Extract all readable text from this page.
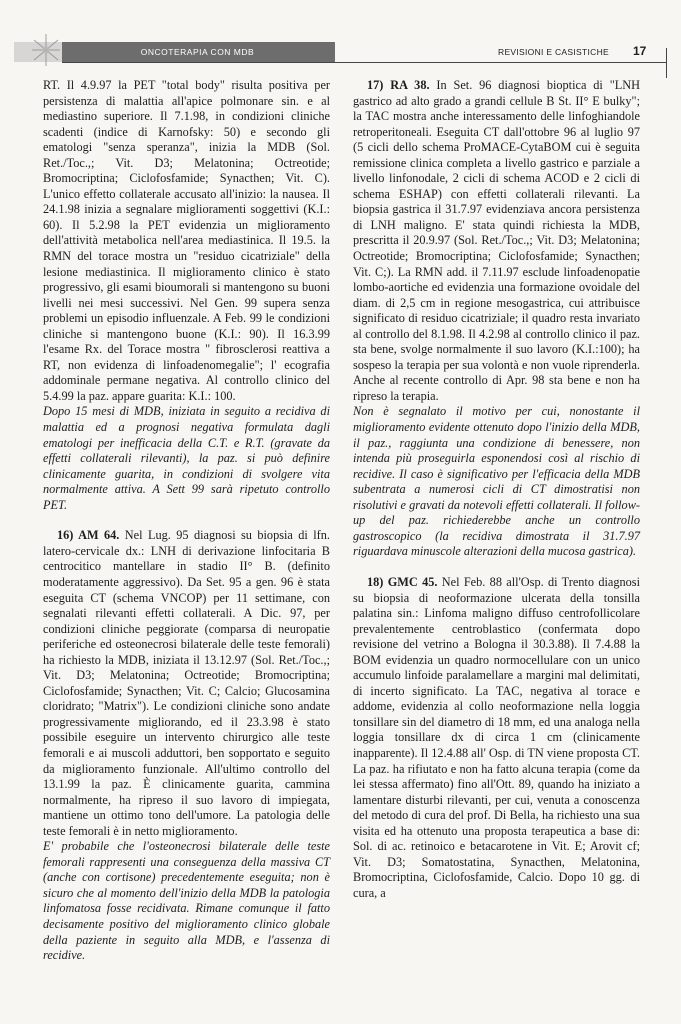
ONCOTERAPIA CON MDB	REVISIONI E CASISTICHE	17

RT. Il 4.9.97 la PET "total body" risulta positiva per persistenza di malattia all'apice polmonare sin. e al mediastino superiore. Il 7.1.98, in condizioni cliniche scadenti (indice di Karnofsky: 50) e secondo gli ematologi "senza speranza", inizia la MDB (Sol. Ret./Toc.,; Vit. D3; Melatonina; Octreotide; Bromocriptina; Ciclofosfamide; Synacthen; Vit. C). L'unico effetto collaterale accusato all'inizio: la nausea. Il 24.1.98 inizia a segnalare miglioramenti soggettivi (K.I.: 60). Il 5.2.98 la PET evidenzia un miglioramento dell'attività metabolica nell'area mediastinica. Il 19.5. la RMN del torace mostra un "residuo cicatriziale" della lesione mediastinica. Il miglioramento clinico è stato progressivo, gli esami bioumorali si mantengono su buoni livelli nei mesi successivi. Nel Gen. 99 supera senza problemi un episodio influenzale. A Feb. 99 le condizioni cliniche si mantengono buone (K.I.: 90). Il 16.3.99 l'esame Rx. del Torace mostra " fibrosclerosi reattiva a RT, non evidenza di linfoadenomegalie"; l' ecografia addominale permane negativa. Al controllo clinico del 5.4.99 la paz. appare guarita: K.I.: 100.

Dopo 15 mesi di MDB, iniziata in seguito a recidiva di malattia ed a prognosi negativa formulata dagli ematologi per inefficacia della C.T. e R.T. (gravate da effetti collaterali rilevanti), la paz. si può definire clinicamente guarita, in condizioni di svolgere vita normalmente attiva. A Sett 99 sarà ripetuto controllo PET.

16) AM 64. Nel Lug. 95 diagnosi su biopsia di lfn. latero-cervicale dx.: LNH di derivazione linfocitaria B centrocitico mantellare in stadio II° B. (definito moderatamente aggressivo). Da Set. 95 a gen. 96 è stata eseguita CT (schema VNCOP) per 11 settimane, con segnalati rilevanti effetti collaterali. A Dic. 97, per condizioni cliniche peggiorate (comparsa di neuropatie periferiche ed osteonecrosi bilaterale delle teste femorali) ha richiesto la MDB, iniziata il 13.12.97 (Sol. Ret./Toc.,; Vit. D3; Melatonina; Octreotide; Bromocriptina; Ciclofosfamide; Synacthen; Vit. C; Calcio; Glucosamina cloridrato; "Matrix"). Le condizioni cliniche sono andate progressivamente migliorando, ed il 23.3.98 è stato possibile eseguire un intervento chirurgico alle teste femorali e ai muscoli adduttori, ben sopportato e seguito da miglioramento funzionale. All'ultimo controllo del 13.1.99 la paz. È clinicamente guarita, cammina normalmente, ha ripreso il suo lavoro di impiegata, mantiene un ottimo tono dell'umore. La patologia delle teste femorali è in netto miglioramento.

E' probabile che l'osteonecrosi bilaterale delle teste femorali rappresenti una conseguenza della massiva CT (anche con cortisone) precedentemente eseguita; non è sicuro che al momento dell'inizio della MDB la patologia linfomatosa fosse recidivata. Rimane comunque il fatto decisamente positivo del miglioramento clinico globale della paziente in seguito alla MDB, e l'assenza di recidive.

17) RA 38. In Set. 96 diagnosi bioptica di "LNH gastrico ad alto grado a grandi cellule B St. II° E bulky"; la TAC mostra anche interessamento delle linfoghiandole retroperitoneali. Eseguita CT dall'ottobre 96 al luglio 97 (5 cicli dello schema ProMACE-CytaBOM cui è seguita remissione clinica completa a livello gastrico e parziale a livello linfonodale, 2 cicli di schema ACOD e 2 cicli di schema ESHAP) con effetti collaterali rilevanti. La biopsia gastrica il 31.7.97 evidenziava ancora persistenza di LNH maligno. E' stata quindi richiesta la MDB, prescritta il 20.9.97 (Sol. Ret./Toc.,; Vit. D3; Melatonina; Octreotide; Bromocriptina; Ciclofosfamide; Synacthen; Vit. C;). La RMN add. il 7.11.97 esclude linfoadenopatie lombo-aortiche ed evidenzia una formazione ovoidale del diam. di 2,5 cm in regione mesogastrica, cui attribuisce significato di residuo cicatriziale; il quadro resta invariato al controllo del 8.1.98. Il 4.2.98 al controllo clinico il paz. sta bene, svolge normalmente il suo lavoro (K.I.:100); ha sospeso la terapia per sua volontà e non vuole riprenderla. Anche al recente controllo di Apr. 98 sta bene e non ha ripreso la terapia.

Non è segnalato il motivo per cui, nonostante il miglioramento evidente ottenuto dopo l'inizio della MDB, il paz., raggiunta una condizione di benessere, non intenda più proseguirla esponendosi così al rischio di recidive. Il caso è significativo per l'efficacia della MDB subentrata a numerosi cicli di CT dimostratisi non risolutivi e gravati da notevoli effetti collaterali. Il follow-up del paz. richiederebbe anche un controllo gastroscopico (la recidiva dimostrata il 31.7.97 riguardava minuscole alterazioni della mucosa gastrica).

18) GMC 45. Nel Feb. 88 all'Osp. di Trento diagnosi su biopsia di neoformazione ulcerata della tonsilla palatina sin.: Linfoma maligno diffuso centrofollicolare prevalentemente centroblastico (confermata dopo revisione del vetrino a Bologna il 30.3.88). Il 7.4.88 la BOM evidenzia un quadro normocellulare con un unico accumulo linfoide paralamellare a margini mal delimitati, di incerto significato. La TAC, negativa al torace e addome, evidenzia al collo neoformazione nella loggia tonsillare sin del diametro di 18 mm, ed una analoga nella loggia tonsillare dx di circa 1 cm (clinicamente inapparente). Il 12.4.88 all' Osp. di TN viene proposta CT. La paz. ha rifiutato e non ha fatto alcuna terapia (come da lei stessa affermato) fino all'Ott. 89, quando ha iniziato a lamentare disturbi rilevanti, per cui, venuta a conoscenza del metodo di cura del prof. Di Bella, ha richiesto una sua visita ed ha ottenuto una proposta terapeutica a base di: Sol. di ac. retinoico e betacarotene in Vit. E; Arovit cf; Vit. D3; Somatostatina, Synacthen, Melatonina, Bromocriptina, Ciclofosfamide, Calcio. Dopo 10 gg. di cura, a
